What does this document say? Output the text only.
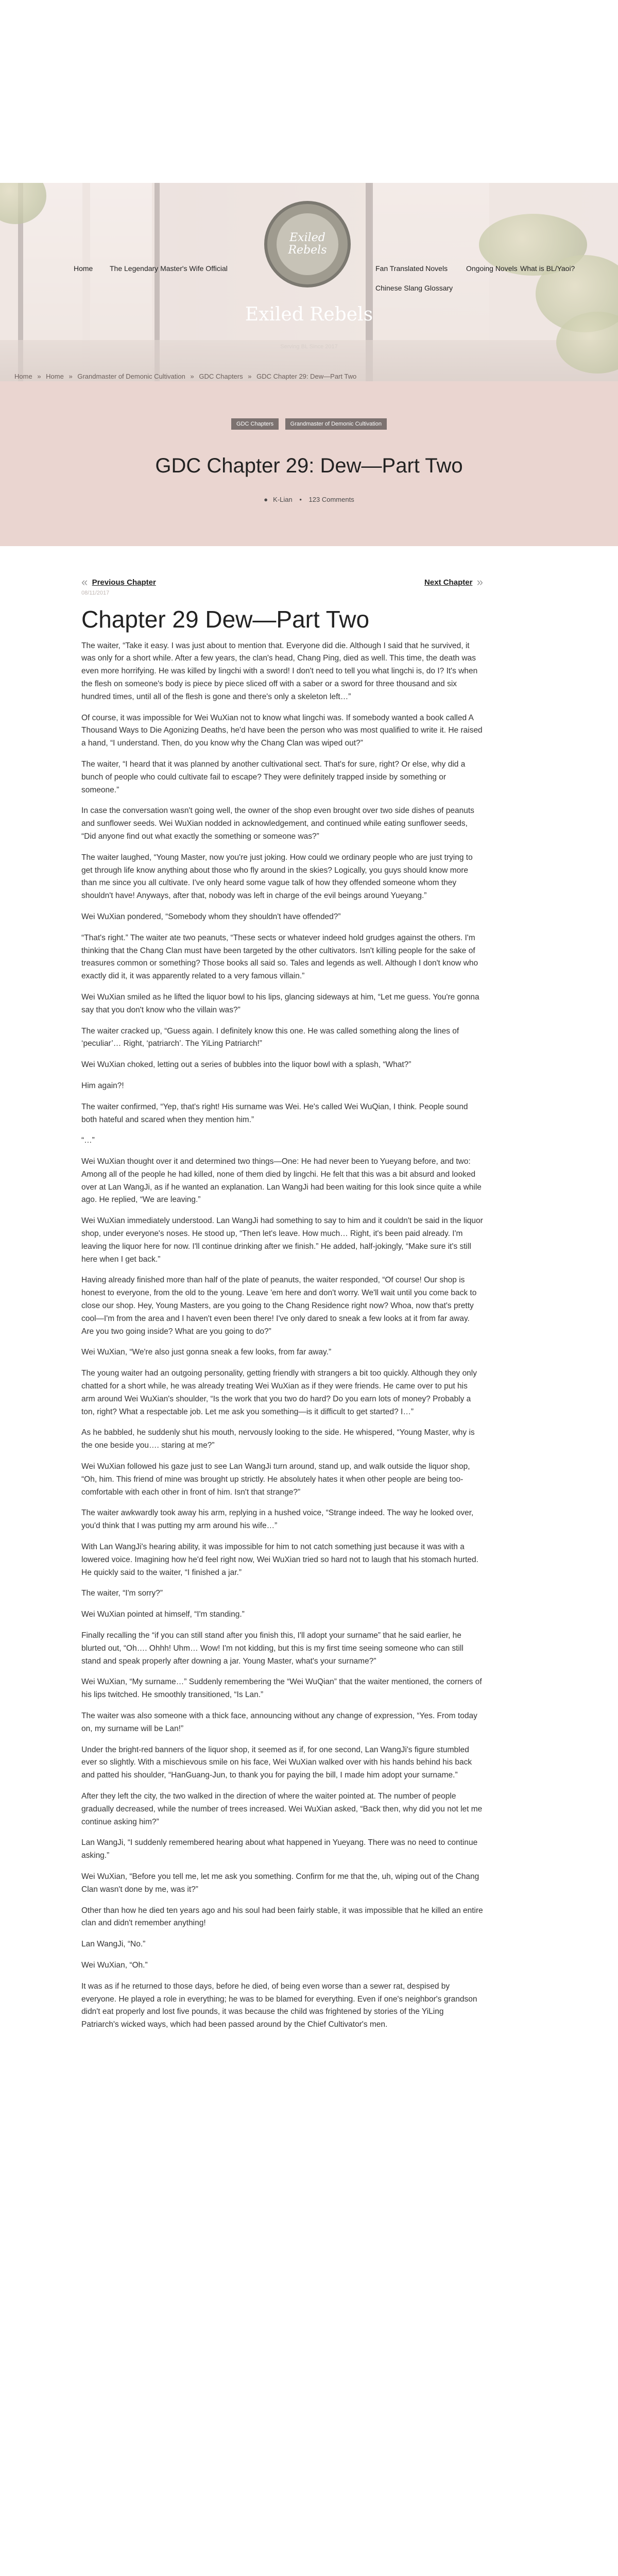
Home The Legendary Master's Wife Official	Fan Translated Novels	Ongoing Novels What is BL/Yaoi?
Chinese Slang Glossary
Exiled Rebels
Exiled Rebels
Serving BL Since 2017
Home » Home » Grandmaster of Demonic Cultivation » GDC Chapters » GDC Chapter 29: Dew—Part Two
GDC Chapters	Grandmaster of Demonic Cultivation
GDC Chapter 29: Dew—Part Two
● K-Lian • 123 Comments
« Previous Chapter	Next Chapter »
08/11/2017
Chapter 29 Dew—Part Two

The waiter, “Take it easy. I was just about to mention that. Everyone did die. Although I said that he survived, it was only for a short while. After a few years, the clan's head, Chang Ping, died as well. This time, the death was even more horrifying. He was killed by lingchi with a sword! I don't need to tell you what lingchi is, do I? It's when the flesh on someone's body is piece by piece sliced off with a saber or a sword for three thousand and six hundred times, until all of the flesh is gone and there's only a skeleton left…”

Of course, it was impossible for Wei WuXian not to know what lingchi was. If somebody wanted a book called A Thousand Ways to Die Agonizing Deaths, he'd have been the person who was most qualified to write it. He raised a hand, “I understand. Then, do you know why the Chang Clan was wiped out?”

The waiter, “I heard that it was planned by another cultivational sect. That's for sure, right? Or else, why did a bunch of people who could cultivate fail to escape? They were definitely trapped inside by something or someone.”

In case the conversation wasn't going well, the owner of the shop even brought over two side dishes of peanuts and sunflower seeds. Wei WuXian nodded in acknowledgement, and continued while eating sunflower seeds, “Did anyone find out what exactly the something or someone was?”

The waiter laughed, “Young Master, now you're just joking. How could we ordinary people who are just trying to get through life know anything about those who fly around in the skies? Logically, you guys should know more than me since you all cultivate. I've only heard some vague talk of how they offended someone whom they shouldn't have! Anyways, after that, nobody was left in charge of the evil beings around Yueyang.”

Wei WuXian pondered, “Somebody whom they shouldn't have offended?”

“That's right.” The waiter ate two peanuts, “These sects or whatever indeed hold grudges against the others. I'm thinking that the Chang Clan must have been targeted by the other cultivators. Isn't killing people for the sake of treasures common or something? Those books all said so. Tales and legends as well. Although I don't know who exactly did it, it was apparently related to a very famous villain.”

Wei WuXian smiled as he lifted the liquor bowl to his lips, glancing sideways at him, “Let me guess. You're gonna say that you don't know who the villain was?”

The waiter cracked up, “Guess again. I definitely know this one. He was called something along the lines of ‘peculiar’… Right, ‘patriarch’. The YiLing Patriarch!”

Wei WuXian choked, letting out a series of bubbles into the liquor bowl with a splash, “What?”

Him again?!

The waiter confirmed, “Yep, that's right! His surname was Wei. He's called Wei WuQian, I think. People sound both hateful and scared when they mention him.”

“…”

Wei WuXian thought over it and determined two things—One: He had never been to Yueyang before, and two: Among all of the people he had killed, none of them died by lingchi. He felt that this was a bit absurd and looked over at Lan WangJi, as if he wanted an explanation. Lan WangJi had been waiting for this look since quite a while ago. He replied, “We are leaving.”

Wei WuXian immediately understood. Lan WangJi had something to say to him and it couldn't be said in the liquor shop, under everyone's noses. He stood up, “Then let's leave. How much… Right, it's been paid already. I'm leaving the liquor here for now. I'll continue drinking after we finish.” He added, half-jokingly, “Make sure it's still here when I get back.”

Having already finished more than half of the plate of peanuts, the waiter responded, “Of course! Our shop is honest to everyone, from the old to the young. Leave 'em here and don't worry. We'll wait until you come back to close our shop. Hey, Young Masters, are you going to the Chang Residence right now? Whoa, now that's pretty cool—I'm from the area and I haven't even been there! I've only dared to sneak a few looks at it from far away. Are you two going inside? What are you going to do?”

Wei WuXian, “We're also just gonna sneak a few looks, from far away.”

The young waiter had an outgoing personality, getting friendly with strangers a bit too quickly. Although they only chatted for a short while, he was already treating Wei WuXian as if they were friends. He came over to put his arm around Wei WuXian's shoulder, “Is the work that you two do hard? Do you earn lots of money? Probably a ton, right? What a respectable job. Let me ask you something—is it difficult to get started? I…”

As he babbled, he suddenly shut his mouth, nervously looking to the side. He whispered, “Young Master, why is the one beside you…. staring at me?”

Wei WuXian followed his gaze just to see Lan WangJi turn around, stand up, and walk outside the liquor shop, “Oh, him. This friend of mine was brought up strictly. He absolutely hates it when other people are being too-comfortable with each other in front of him. Isn't that strange?”

The waiter awkwardly took away his arm, replying in a hushed voice, “Strange indeed. The way he looked over, you'd think that I was putting my arm around his wife…”

With Lan WangJi's hearing ability, it was impossible for him to not catch something just because it was with a lowered voice. Imagining how he'd feel right now, Wei WuXian tried so hard not to laugh that his stomach hurted. He quickly said to the waiter, “I finished a jar.”

The waiter, “I'm sorry?”

Wei WuXian pointed at himself, “I'm standing.”

Finally recalling the “if you can still stand after you finish this, I'll adopt your surname” that he said earlier, he blurted out, “Oh…. Ohhh! Uhm… Wow! I'm not kidding, but this is my first time seeing someone who can still stand and speak properly after downing a jar. Young Master, what's your surname?”

Wei WuXian, “My surname…” Suddenly remembering the “Wei WuQian” that the waiter mentioned, the corners of his lips twitched. He smoothly transitioned, “Is Lan.”

The waiter was also someone with a thick face, announcing without any change of expression, “Yes. From today on, my surname will be Lan!”

Under the bright-red banners of the liquor shop, it seemed as if, for one second, Lan WangJi's figure stumbled ever so slightly. With a mischievous smile on his face, Wei WuXian walked over with his hands behind his back and patted his shoulder, “HanGuang-Jun, to thank you for paying the bill, I made him adopt your surname.”

After they left the city, the two walked in the direction of where the waiter pointed at. The number of people gradually decreased, while the number of trees increased. Wei WuXian asked, “Back then, why did you not let me continue asking him?”

Lan WangJi, “I suddenly remembered hearing about what happened in Yueyang. There was no need to continue asking.”

Wei WuXian, “Before you tell me, let me ask you something. Confirm for me that the, uh, wiping out of the Chang Clan wasn't done by me, was it?”

Other than how he died ten years ago and his soul had been fairly stable, it was impossible that he killed an entire clan and didn't remember anything!

Lan WangJi, “No.”

Wei WuXian, “Oh.”

It was as if he returned to those days, before he died, of being even worse than a sewer rat, despised by everyone. He played a role in everything; he was to be blamed for everything. Even if one's neighbor's grandson didn't eat properly and lost five pounds, it was because the child was frightened by stories of the YiLing Patriarch's wicked ways, which had been passed around by the Chief Cultivator's men.
